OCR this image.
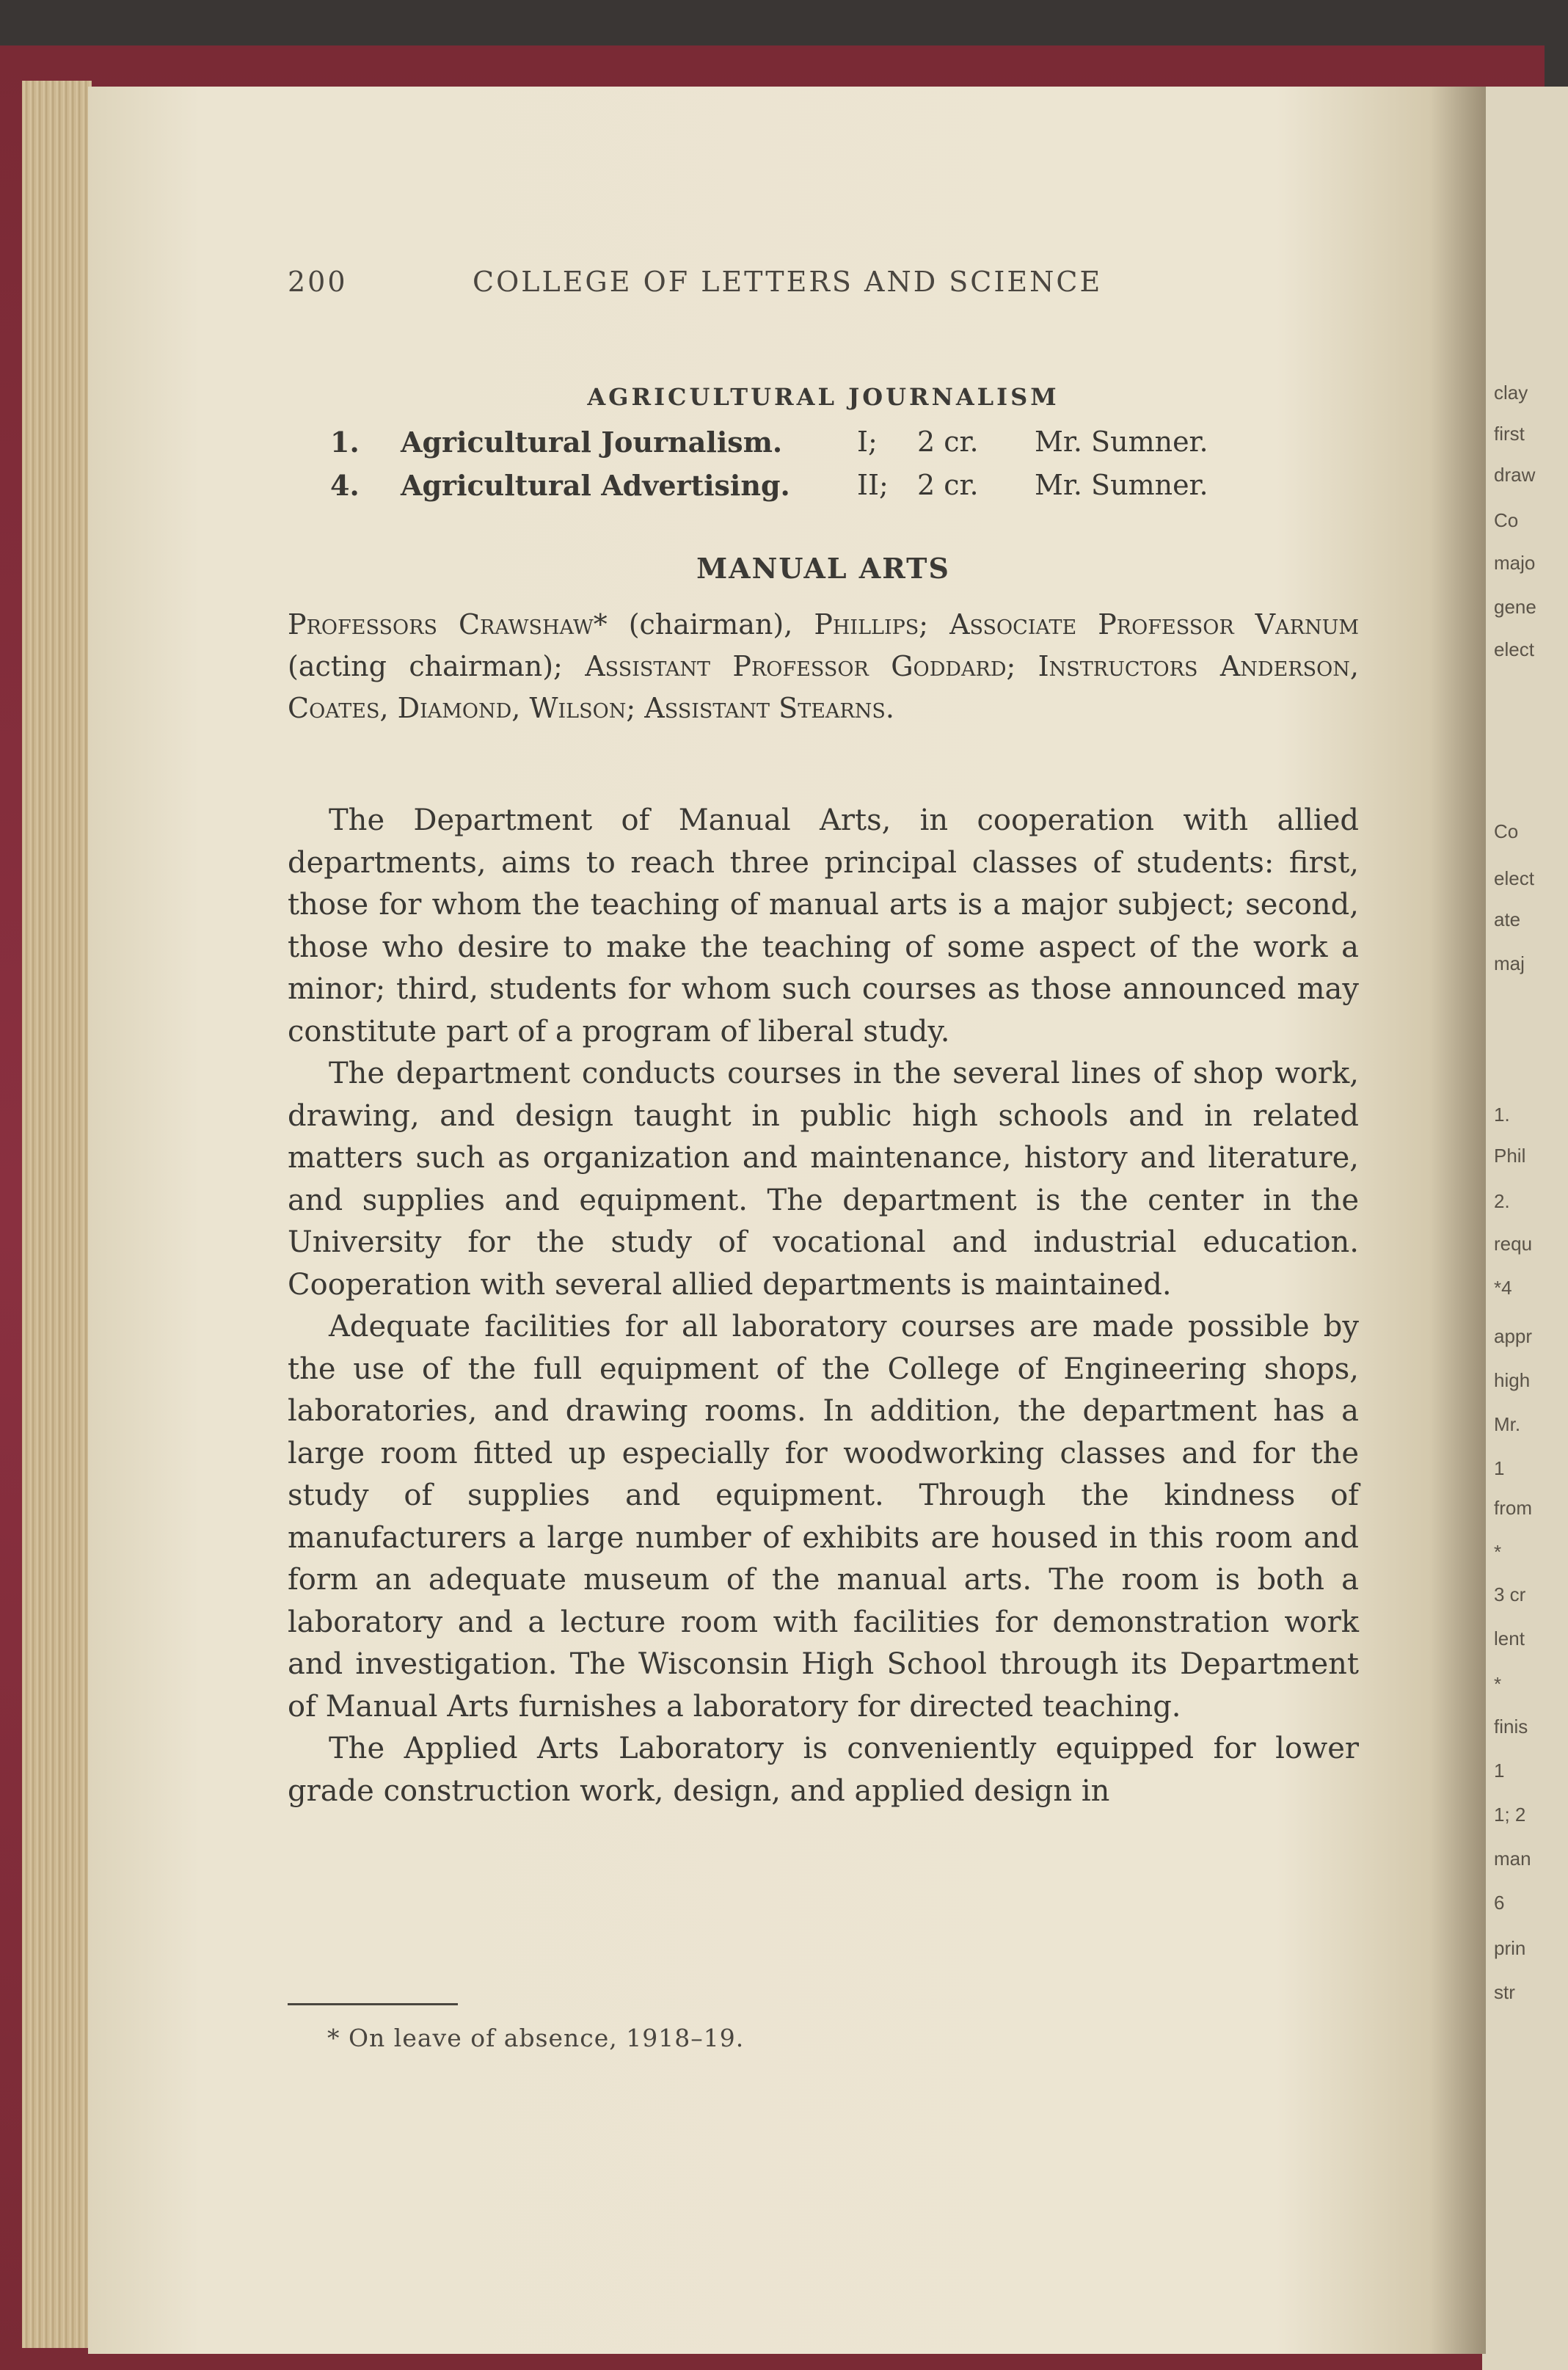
clay
first
draw
Co
majo
gene
elect
Co
elect
ate
maj
1.
Phil
2.
requ
*4
appr
high
Mr.
1
from
*
3 cr
lent
*
finis
1
1; 2
man
6
prin
str
200	COLLEGE OF LETTERS AND SCIENCE
AGRICULTURAL JOURNALISM
1. Agricultural Journalism.	I; 2 cr. Mr. Sumner.
4. Agricultural Advertising. II; 2 cr. Mr. Sumner.
MANUAL ARTS
Professors Crawshaw* (chairman), Phillips; Associate Professor Varnum (acting chairman); Assistant Professor Goddard; Instructors Anderson, Coates, Diamond, Wilson; Assistant Stearns.

The Department of Manual Arts, in cooperation with allied departments, aims to reach three principal classes of students: first, those for whom the teaching of manual arts is a major subject; second, those who desire to make the teaching of some aspect of the work a minor; third, students for whom such courses as those announced may constitute part of a program of liberal study.

The department conducts courses in the several lines of shop work, drawing, and design taught in public high schools and in related matters such as organization and maintenance, history and literature, and supplies and equipment. The department is the center in the University for the study of vocational and industrial education. Cooperation with several allied departments is maintained.

Adequate facilities for all laboratory courses are made possible by the use of the full equipment of the College of Engineering shops, laboratories, and drawing rooms. In addition, the department has a large room fitted up especially for woodworking classes and for the study of supplies and equipment. Through the kindness of manufacturers a large number of exhibits are housed in this room and form an adequate museum of the manual arts. The room is both a laboratory and a lecture room with facilities for demonstration work and investigation. The Wisconsin High School through its Department of Manual Arts furnishes a laboratory for directed teaching.

The Applied Arts Laboratory is conveniently equipped for lower grade construction work, design, and applied design in

* On leave of absence, 1918–19.
